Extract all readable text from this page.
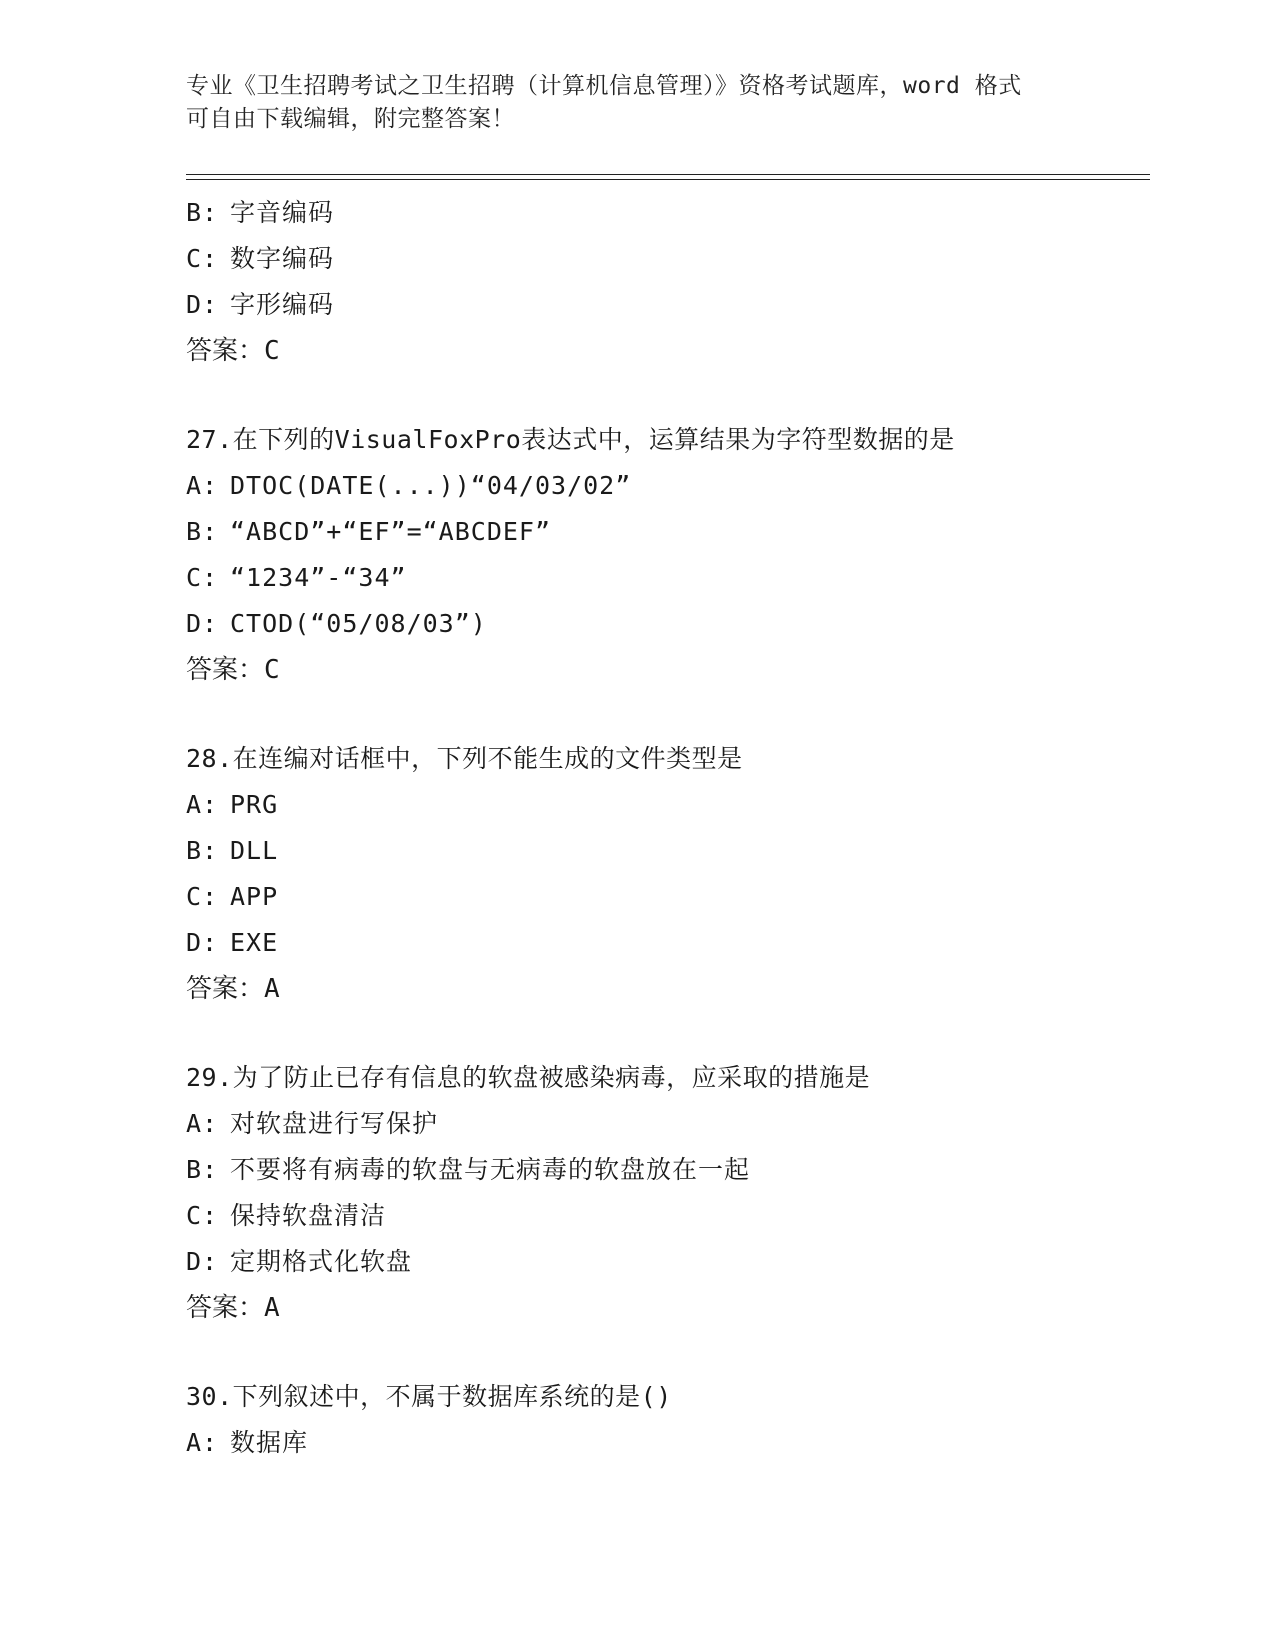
专业《卫生招聘考试之卫生招聘（计算机信息管理）》资格考试题库，word 格式
可自由下载编辑，附完整答案！
B: 字音编码
C: 数字编码
D: 字形编码
答案：C
27.在下列的VisualFoxPro表达式中，运算结果为字符型数据的是
A: DTOC(DATE(...))“04/03/02”
B: “ABCD”+“EF”=“ABCDEF”
C: “1234”-“34”
D: CTOD(“05/08/03”)
答案：C
28.在连编对话框中，下列不能生成的文件类型是
A: PRG
B: DLL
C: APP
D: EXE
答案：A
29.为了防止已存有信息的软盘被感染病毒，应采取的措施是
A: 对软盘进行写保护
B: 不要将有病毒的软盘与无病毒的软盘放在一起
C: 保持软盘清洁
D: 定期格式化软盘
答案：A
30.下列叙述中，不属于数据库系统的是()
A: 数据库
